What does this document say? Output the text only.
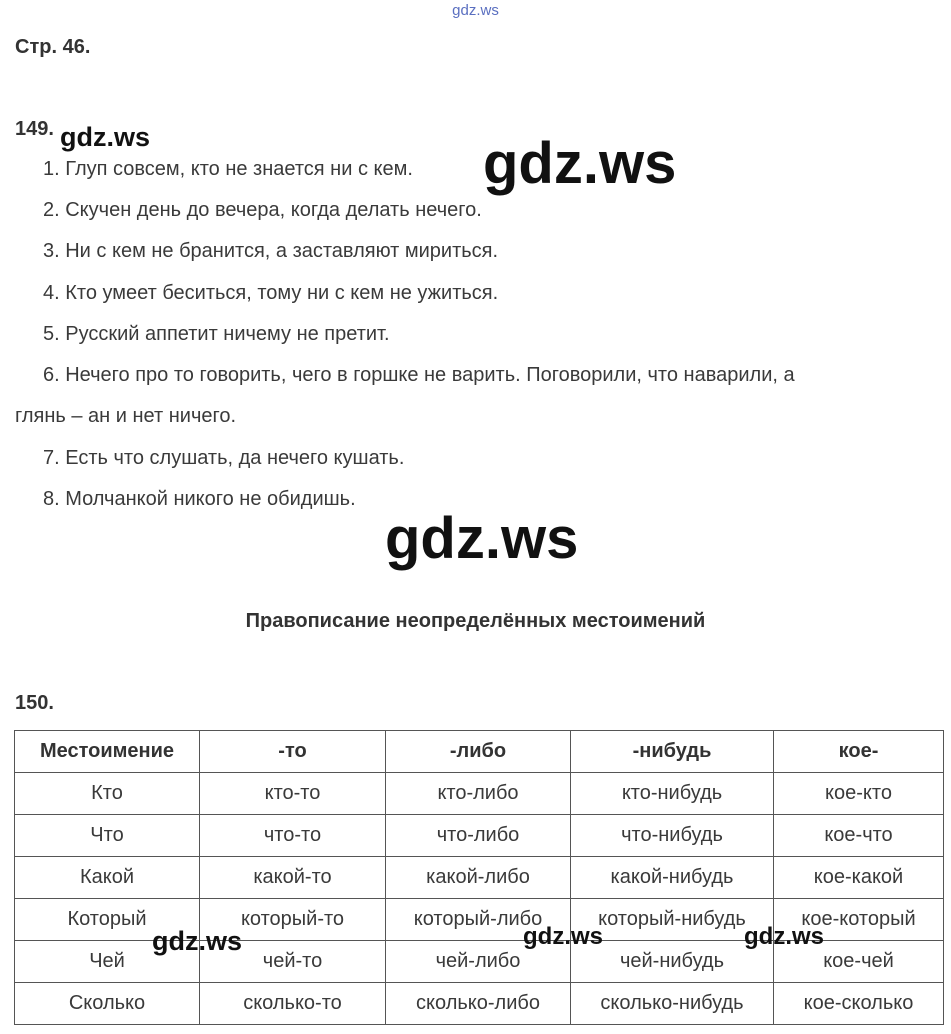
gdz.ws
Стр. 46.
149.
1. Глуп совсем, кто не знается ни с кем.
2. Скучен день до вечера, когда делать нечего.
3. Ни с кем не бранится, а заставляют мириться.
4. Кто умеет беситься, тому ни с кем не ужиться.
5. Русский аппетит ничему не претит.
6. Нечего про то говорить, чего в горшке не варить. Поговорили, что наварили, а
глянь – ан и нет ничего.
7. Есть что слушать, да нечего кушать.
8. Молчанкой никого не обидишь.
gdz.ws	gdz.ws
gdz.ws
Правописание неопределённых местоимений
150.
Местоимение	-то	-либо	-нибудь	кое-
Кто	кто-то	кто-либо	кто-нибудь	кое-кто
Что	что-то	что-либо	что-нибудь	кое-что
Какой	какой-то	какой-либо	какой-нибудь	кое-какой
Который	который-то	который-либо	который-нибудь	кое-который
Чей	чей-то	чей-либо	чей-нибудь	кое-чей
Сколько	сколько-то	сколько-либо	сколько-нибудь	кое-сколько
gdz.ws	gdz.ws	gdz.ws
